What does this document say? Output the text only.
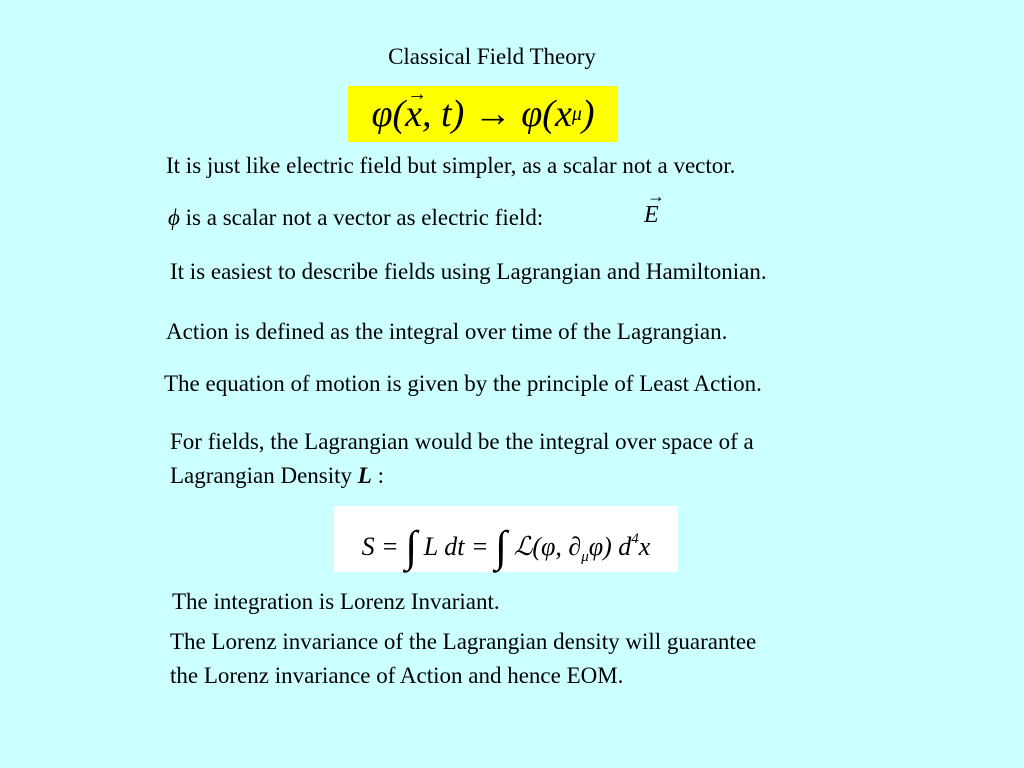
Classical Field Theory
φ( → x , t ) → φ( x μ )
It is just like electric field but simpler, as a scalar not a vector.
ϕ is a scalar not a vector as electric field:	→ E
It is easiest to describe fields using Lagrangian and Hamiltonian.
Action is defined as the integral over time of the Lagrangian.
The equation of motion is given by the principle of Least Action.
For fields, the Lagrangian would be the integral over space of a
Lagrangian Density L :
S = ∫ L dt = ∫ ℒ(φ, $\partial_\mu\varphi$) $d^4x$
The integration is Lorenz Invariant.
The Lorenz invariance of the Lagrangian density will guarantee
the Lorenz invariance of Action and hence EOM.
